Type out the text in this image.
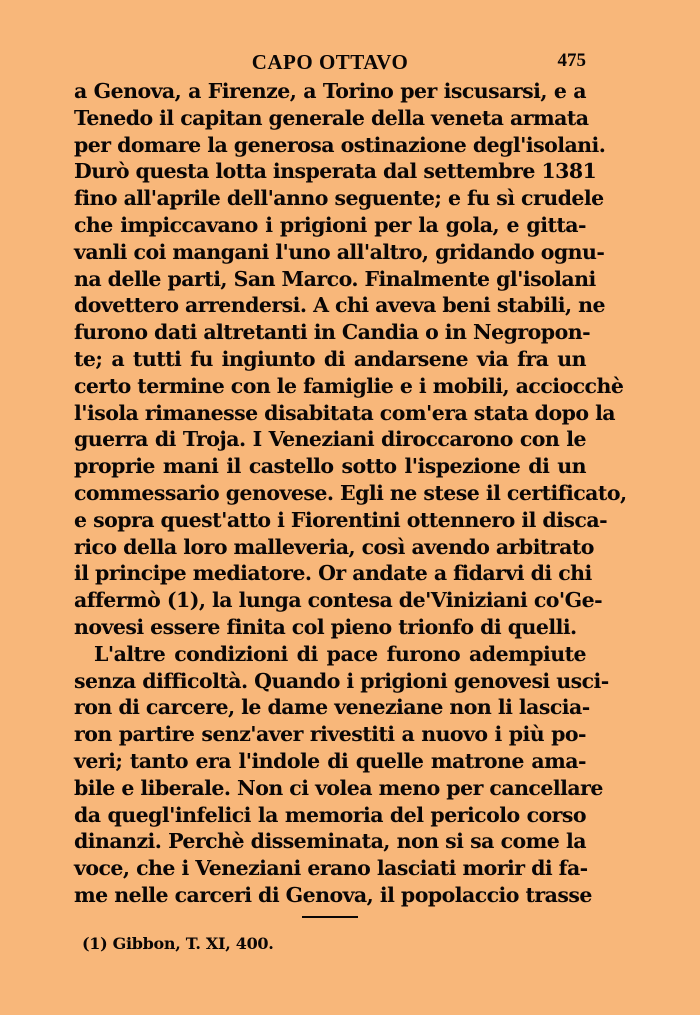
CAPO OTTAVO	475
a Genova, a Firenze, a Torino per iscusarsi, e a
Tenedo il capitan generale della veneta armata
per domare la generosa ostinazione degl'isolani.
Durò questa lotta insperata dal settembre 1381
fino all'aprile dell'anno seguente; e fu sì crudele
che impiccavano i prigioni per la gola, e gitta-
vanli coi mangani l'uno all'altro, gridando ognu-
na delle parti, San Marco. Finalmente gl'isolani
dovettero arrendersi. A chi aveva beni stabili, ne
furono dati altretanti in Candia o in Negropon-
te; a tutti fu ingiunto di andarsene via fra un
certo termine con le famiglie e i mobili, acciocchè
l'isola rimanesse disabitata com'era stata dopo la
guerra di Troja. I Veneziani diroccarono con le
proprie mani il castello sotto l'ispezione di un
commessario genovese. Egli ne stese il certificato,
e sopra quest'atto i Fiorentini ottennero il disca-
rico della loro malleveria, così avendo arbitrato
il principe mediatore. Or andate a fidarvi di chi
affermò (1), la lunga contesa de'Viniziani co'Ge-
novesi essere finita col pieno trionfo di quelli.
L'altre condizioni di pace furono adempiute
senza difficoltà. Quando i prigioni genovesi usci-
ron di carcere, le dame veneziane non li lascia-
ron partire senz'aver rivestiti a nuovo i più po-
veri; tanto era l'indole di quelle matrone ama-
bile e liberale. Non ci volea meno per cancellare
da quegl'infelici la memoria del pericolo corso
dinanzi. Perchè disseminata, non si sa come la
voce, che i Veneziani erano lasciati morir di fa-
me nelle carceri di Genova, il popolaccio trasse
(1) Gibbon, T. XI, 400.
